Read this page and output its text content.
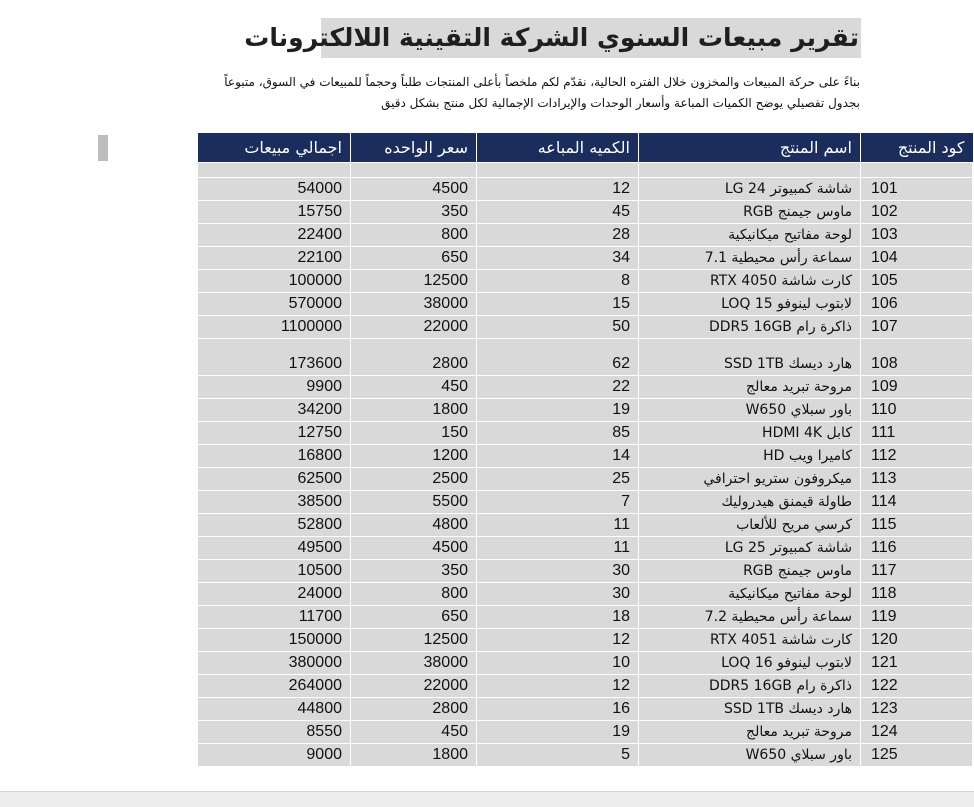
تقرير مبيعات السنوي الشركة التقينية اللالكترونات
بناءً على حركة المبيعات والمخزون خلال الفتره الحالية، نقدّم لكم ملخصاً بأعلى المنتجات طلباً وحجماً للمبيعات في السوق، متبوعاً
بجدول تفصيلي يوضح الكميات المباعة وأسعار الوحدات والإيرادات الإجمالية لكل منتج بشكل دقيق
كود المنتج	اسم المنتج	الكميه المباعه	سعر الواحده	اجمالي مبيعات

101	شاشة كمبيوتر LG 24	12	4500	54000
102	ماوس جيمنج RGB	45	350	15750
103	لوحة مفاتيح ميكانيكية	28	800	22400
104	سماعة رأس محيطية 7.1	34	650	22100
105	كارت شاشة RTX 4050	8	12500	100000
106	لابتوب لينوفو LOQ 15	15	38000	570000
107	ذاكرة رام DDR5 16GB	50	22000	1100000
108	هارد ديسك SSD 1TB	62	2800	173600
109	مروحة تبريد معالج	22	450	9900
110	باور سبلاي W650	19	1800	34200
111	كابل HDMI 4K	85	150	12750
112	كاميرا ويب HD	14	1200	16800
113	ميكروفون ستريو احترافي	25	2500	62500
114	طاولة قيمنق هيدروليك	7	5500	38500
115	كرسي مريح للألعاب	11	4800	52800
116	شاشة كمبيوتر LG 25	11	4500	49500
117	ماوس جيمنج RGB	30	350	10500
118	لوحة مفاتيح ميكانيكية	30	800	24000
119	سماعة رأس محيطية 7.2	18	650	11700
120	كارت شاشة RTX 4051	12	12500	150000
121	لابتوب لينوفو LOQ 16	10	38000	380000
122	ذاكرة رام DDR5 16GB	12	22000	264000
123	هارد ديسك SSD 1TB	16	2800	44800
124	مروحة تبريد معالج	19	450	8550
125	باور سبلاي W650	5	1800	9000
